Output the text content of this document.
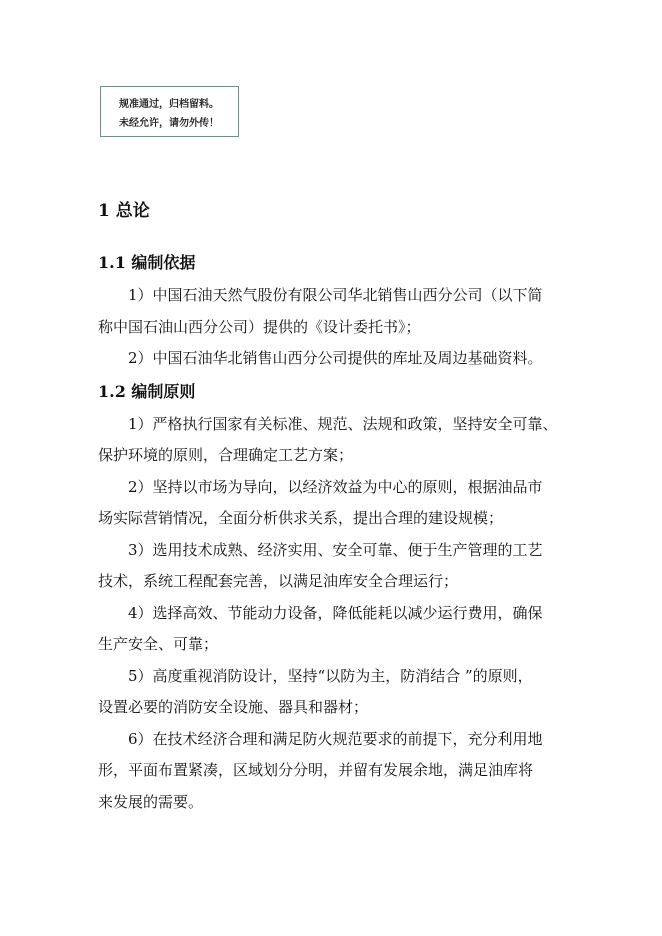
规准通过，归档留料。
未经允许，请勿外传！
1 总论
1.1 编制依据

1）中国石油天然气股份有限公司华北销售山西分公司（以下简
称中国石油山西分公司）提供的《设计委托书》；

2）中国石油华北销售山西分公司提供的库址及周边基础资料。

1.2 编制原则

1）严格执行国家有关标准、规范、法规和政策，坚持安全可靠、
保护环境的原则，合理确定工艺方案；

2）坚持以市场为导向，以经济效益为中心的原则，根据油品市
场实际营销情况，全面分析供求关系，提出合理的建设规模；

3）选用技术成熟、经济实用、安全可靠、便于生产管理的工艺
技术，系统工程配套完善，以满足油库安全合理运行；

4）选择高效、节能动力设备，降低能耗以减少运行费用，确保
生产安全、可靠；

5）高度重视消防设计，坚持“以防为主，防消结合 ”的原则，
设置必要的消防安全设施、器具和器材；

6）在技术经济合理和满足防火规范要求的前提下，充分利用地
形，平面布置紧凑，区域划分分明，并留有发展余地，满足油库将
来发展的需要。
